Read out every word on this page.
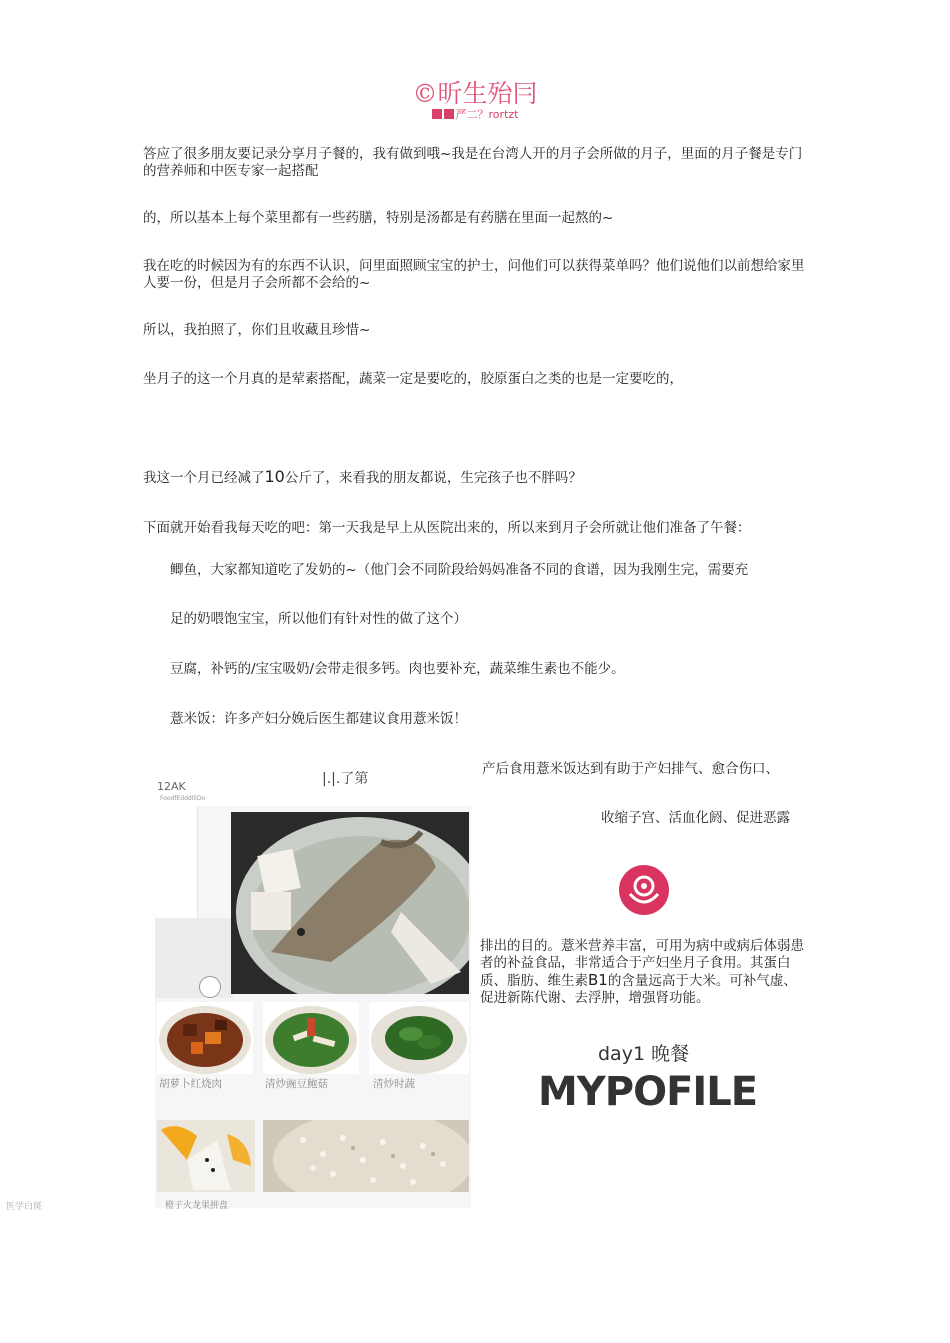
©昕生殆冃
严二？rortzt
答应了很多朋友要记录分享月子餐的，我有做到哦~我是在台湾人开的月子会所做的月子，里面的月子餐是专门的营养师和中医专家一起搭配
的，所以基本上每个菜里都有一些药膳，特别是汤都是有药膳在里面一起熬的~
我在吃的时候因为有的东西不认识，问里面照顾宝宝的护士，问他们可以获得菜单吗？他们说他们以前想给家里人要一份，但是月子会所都不会给的~
所以，我拍照了，你们且收藏且珍惜~
坐月子的这一个月真的是荤素搭配，蔬菜一定是要吃的，胶原蛋白之类的也是一定要吃的，
我这一个月已经减了10公斤了，来看我的朋友都说，生完孩子也不胖吗？
下面就开始看我每天吃的吧：第一天我是早上从医院出来的，所以来到月子会所就让他们准备了午餐：
鲫鱼，大家都知道吃了发奶的~（他门会不同阶段给妈妈准备不同的食谱，因为我刚生完，需要充
足的奶喂饱宝宝，所以他们有针对性的做了这个）
豆腐，补钙的/宝宝吸奶/会带走很多钙。肉也要补充，蔬菜维生素也不能少。
薏米饭：许多产妇分娩后医生都建议食用薏米饭！
产后食用薏米饭达到有助于产妇排气、愈合伤口、
收缩子宫、活血化阏、促进恶露
排出的目的。薏米营养丰富，可用为病中或病后体弱患者的补益食品，非常适合于产妇坐月子食用。其蛋白质、脂肪、维生素B1的含量远高于大米。可补气虚、促进新陈代谢、去浮肿，增强肾功能。
day1 晚餐
MYPOFILE
12AK
FoodfEdddlliDo
|.|.了第
胡萝卜红烧肉	清炒豌豆鲍菇	清炒时蔬
橙子火龙果拼盘
医学白斑
